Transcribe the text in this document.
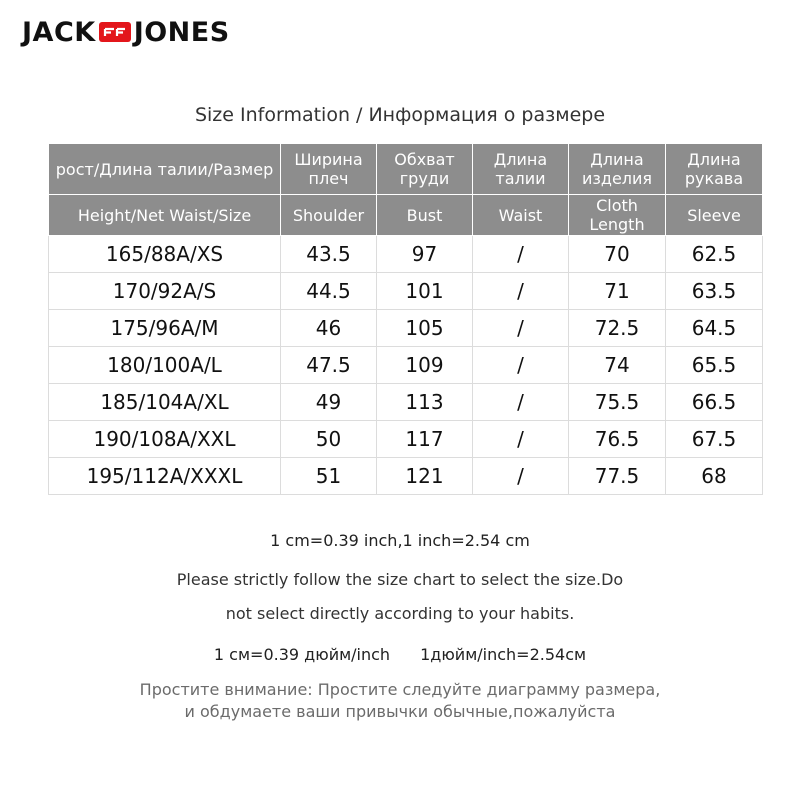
JACK JONES
Size Information / Информация о размере
рост/Длина талии/Размер	Ширина плеч	Обхват груди	Длина талии	Длина изделия	Длина рукава
Height/Net Waist/Size	Shoulder	Bust	Waist	Cloth Length	Sleeve
165/88A/XS	43.5	97	/	70	62.5
170/92A/S	44.5	101	/	71	63.5
175/96A/M	46	105	/	72.5	64.5
180/100A/L	47.5	109	/	74	65.5
185/104A/XL	49	113	/	75.5	66.5
190/108A/XXL	50	117	/	76.5	67.5
195/112A/XXXL	51	121	/	77.5	68
1 cm=0.39 inch,1 inch=2.54 cm
Please strictly follow the size chart to select the size.Do
not select directly according to your habits.
1 см=0.39 дюйм/inch 1дюйм/inch=2.54см
Простите внимание: Простите следуйте диаграмму размера,
и обдумаете ваши привычки обычные,пожалуйста
